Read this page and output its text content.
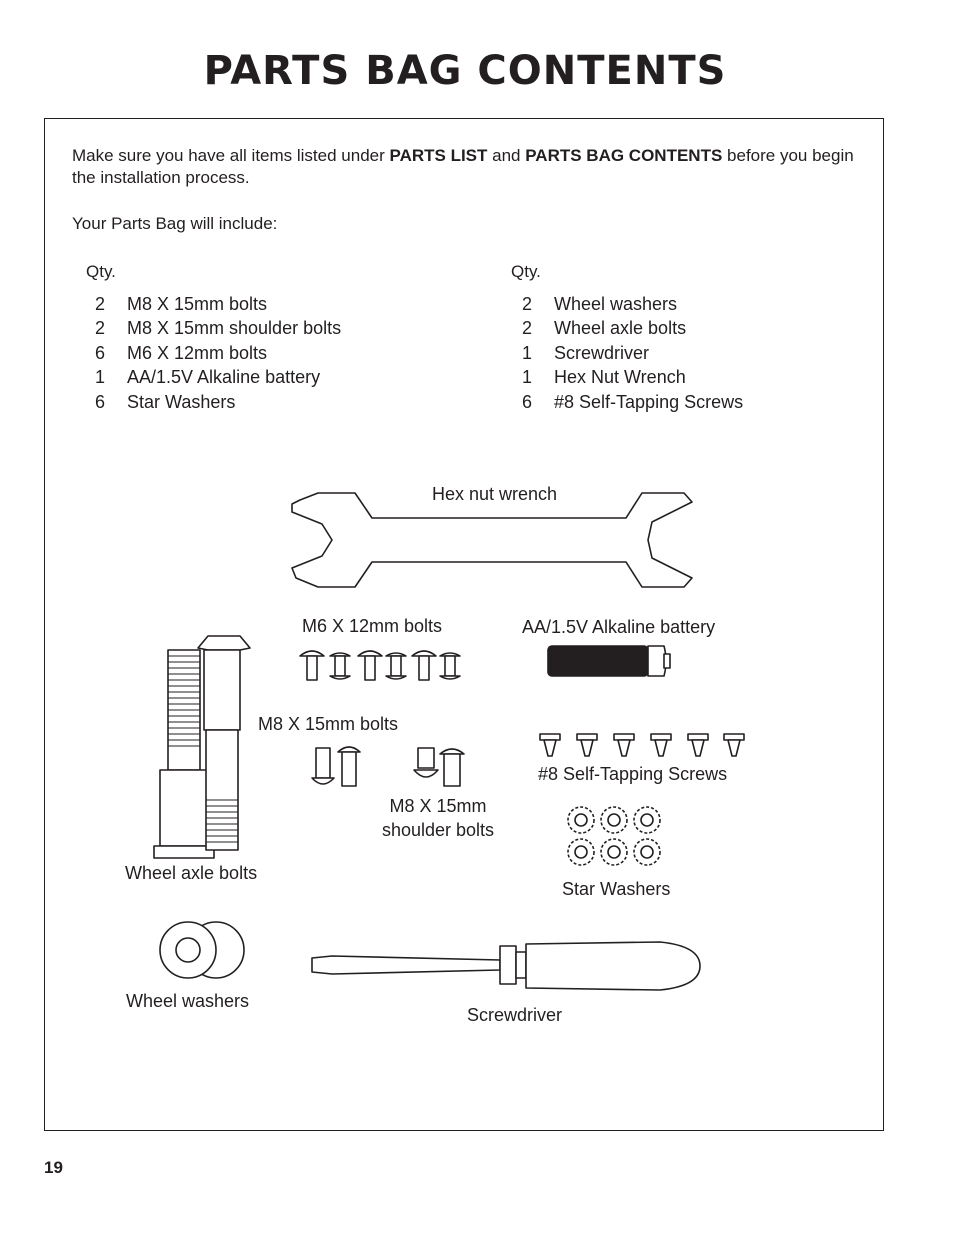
PARTS BAG CONTENTS

Make sure you have all items listed under PARTS LIST and PARTS BAG CONTENTS before you begin the installation process.

Your Parts Bag will include:

Qty.	Qty.
2	M8 X 15mm bolts
2	M8 X 15mm shoulder bolts
6	M6 X 12mm bolts
1	AA/1.5V Alkaline battery
6	Star Washers
2	Wheel washers
2	Wheel axle bolts
1	Screwdriver
1	Hex Nut Wrench
6	#8 Self-Tapping Screws
Hex nut wrench
M6 X 12mm bolts	AA/1.5V Alkaline battery
M8 X 15mm bolts
#8 Self-Tapping Screws
M8 X 15mm
shoulder bolts
Star Washers
Wheel axle bolts
Wheel washers
Screwdriver
19
